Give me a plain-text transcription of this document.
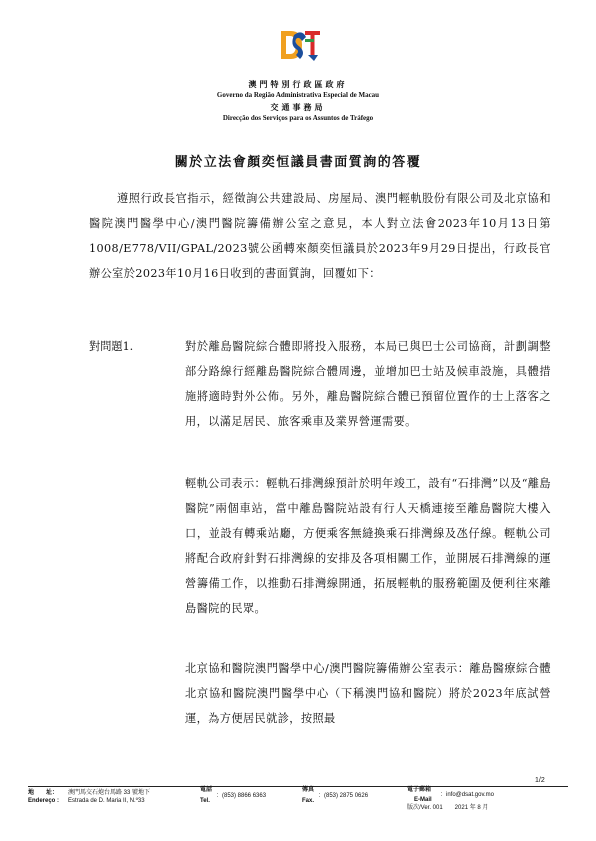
澳門特別行政區政府
Governo da Região Administrativa Especial de Macau
交通事務局
Direcção dos Serviços para os Assuntos de Tráfego
關於立法會顏奕恒議員書面質詢的答覆

遵照行政長官指示，經徵詢公共建設局、房屋局、澳門輕軌股份有限公司及北京協和醫院澳門醫學中心/澳門醫院籌備辦公室之意見，本人對立法會2023年10月13日第1008/E778/VII/GPAL/2023號公函轉來顏奕恒議員於2023年9月29日提出，行政長官辦公室於2023年10月16日收到的書面質詢，回覆如下：

對問題1.	對於離島醫院綜合體即將投入服務，本局已與巴士公司協商，計劃調整部分路線行經離島醫院綜合體周邊，並增加巴士站及候車設施，具體措施將適時對外公佈。另外，離島醫院綜合體已預留位置作的士上落客之用，以滿足居民、旅客乘車及業界營運需要。

輕軌公司表示：輕軌石排灣線預計於明年竣工，設有“石排灣”以及“離島醫院”兩個車站，當中離島醫院站設有行人天橋連接至離島醫院大樓入口，並設有轉乘站廳，方便乘客無縫換乘石排灣線及氹仔線。輕軌公司將配合政府針對石排灣線的安排及各項相關工作，並開展石排灣線的運營籌備工作，以推動石排灣線開通，拓展輕軌的服務範圍及便利往來離島醫院的民眾。

北京協和醫院澳門醫學中心/澳門醫院籌備辦公室表示：離島醫療綜合體北京協和醫院澳門醫學中心（下稱澳門協和醫院）將於2023年底試營運，為方便居民就診，按照最

1/2
地　　址：
Endereço :
澳門馬交石炮台馬路 33 號地下
Estrada de D. Maria II, N.º33
電話
Tel.
：(853) 8866 6363
傳真
Fax.
：(853) 2875 0626
電子郵箱
E-Mail
：info@dsat.gov.mo
版次/Ver. 001　　2021 年 8 月
